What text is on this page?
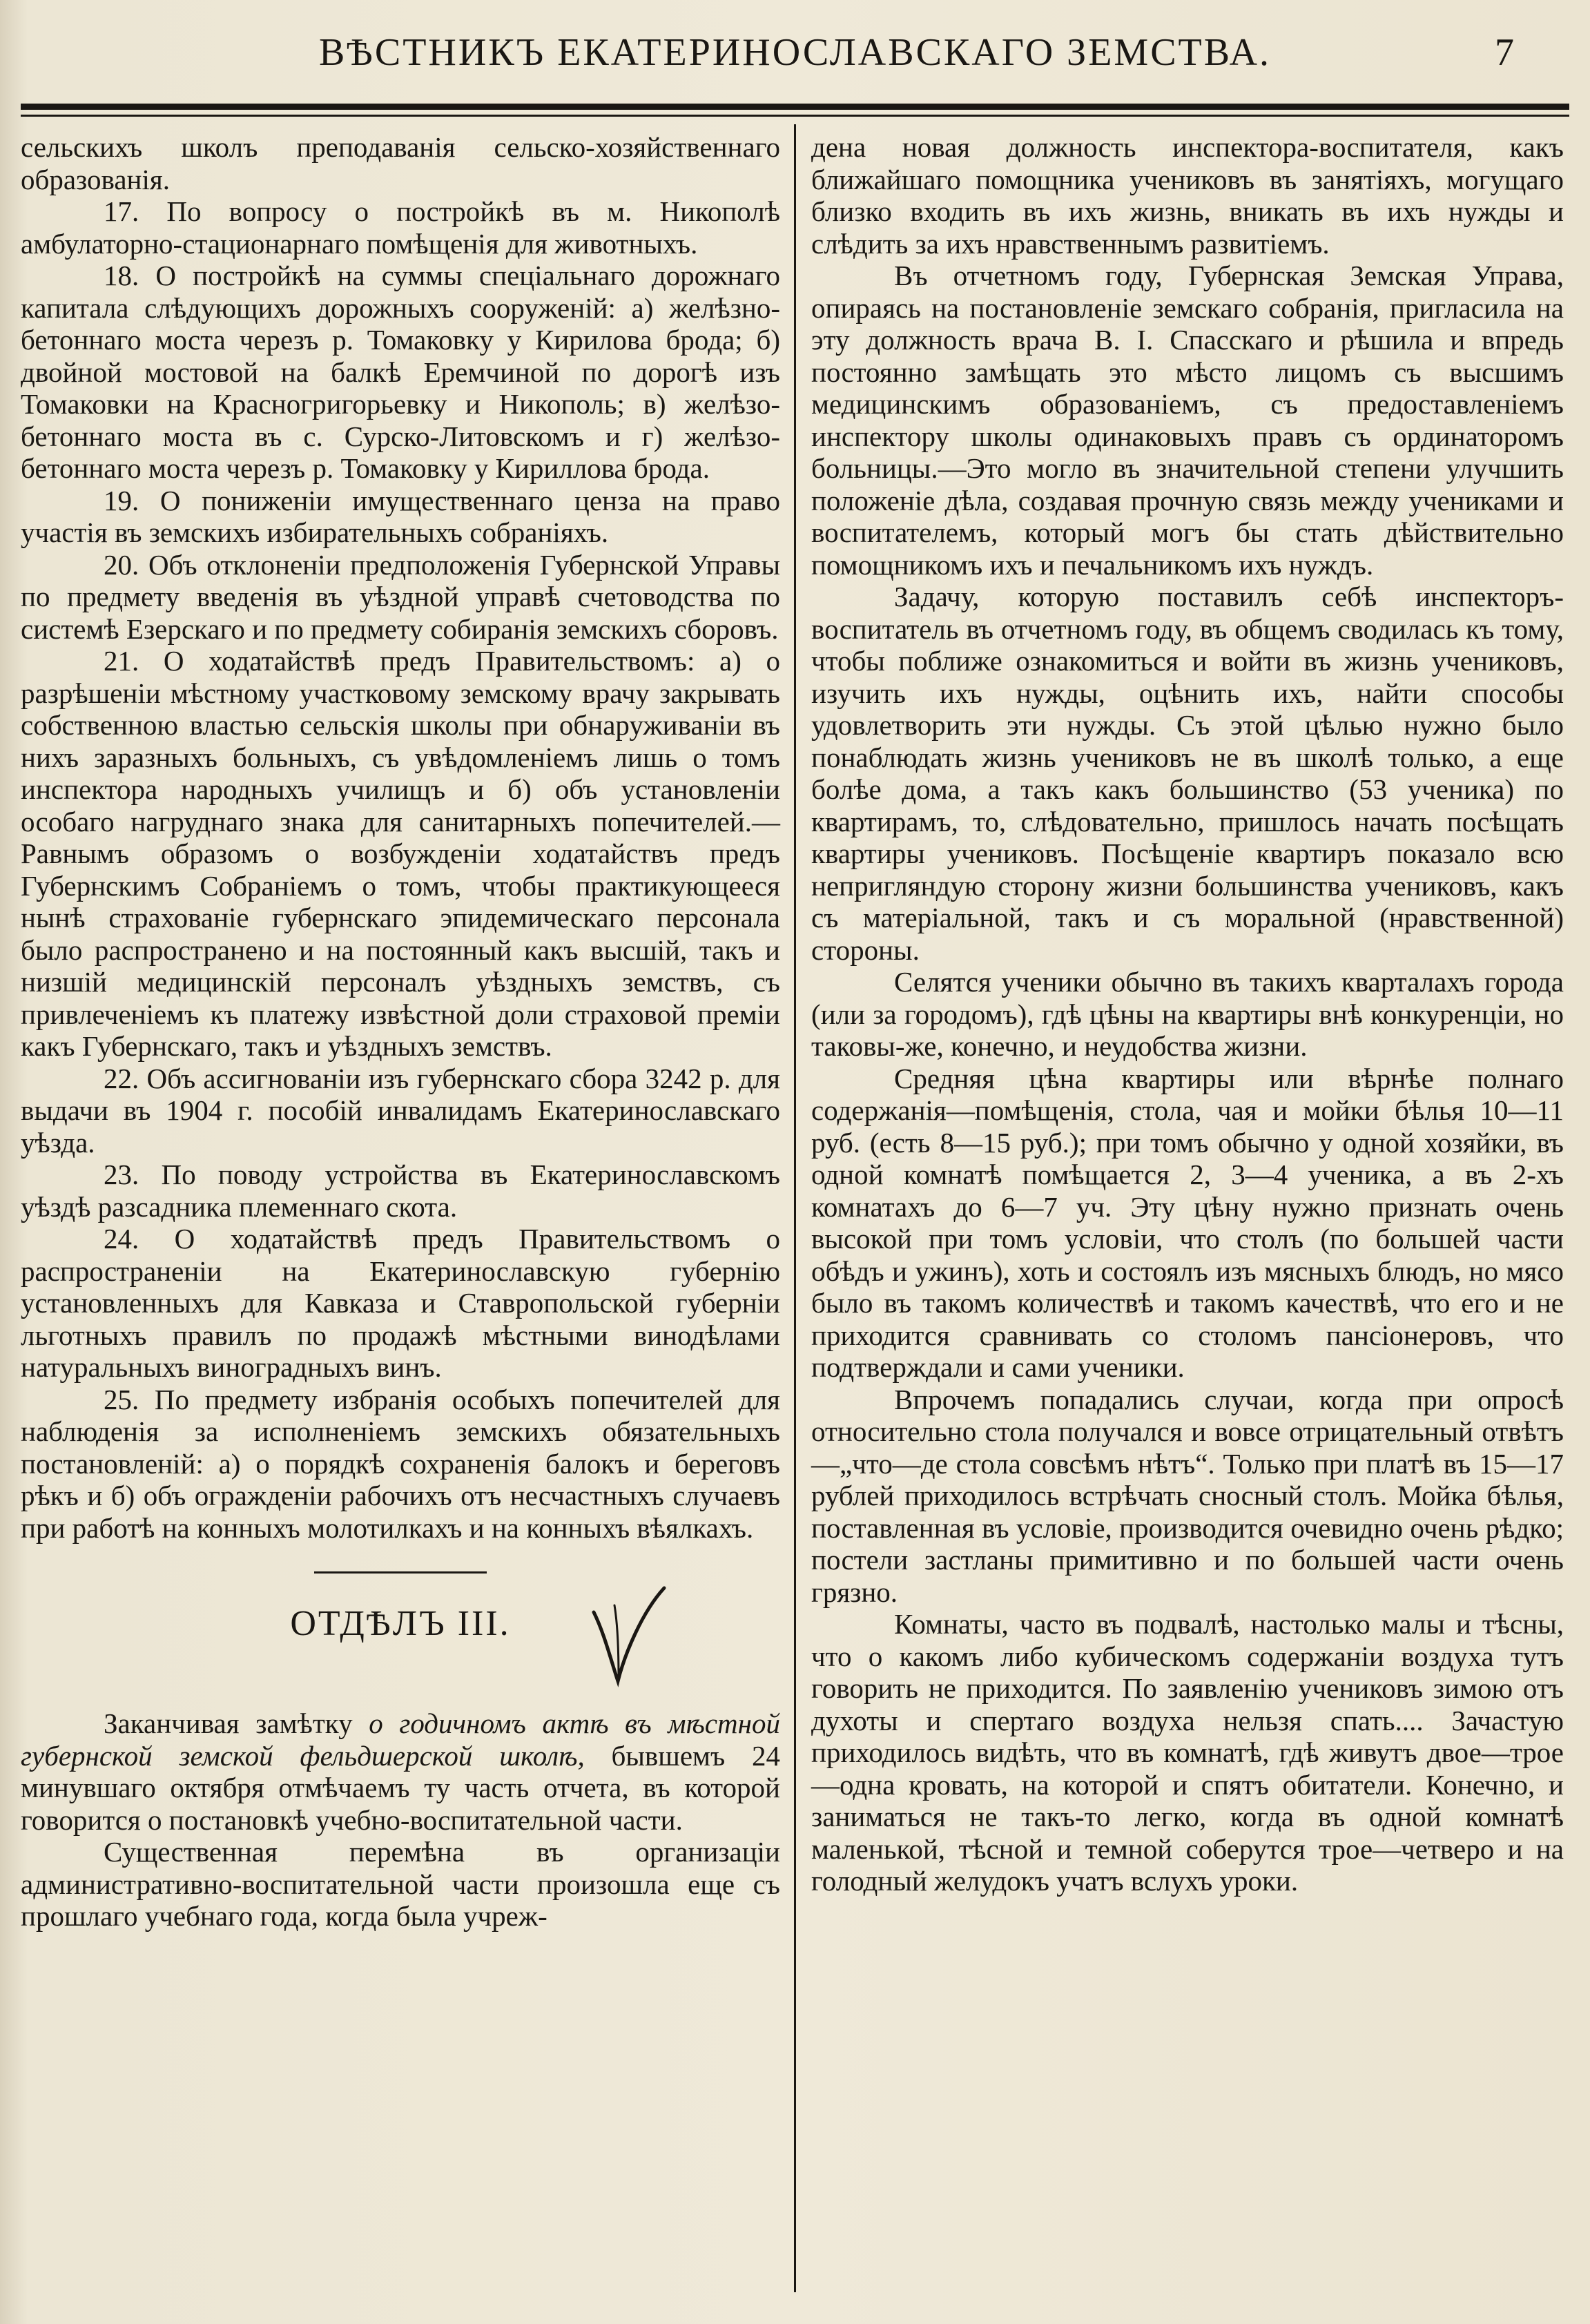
ВѢСТНИКЪ ЕКАТЕРИНОСЛАВСКАГО ЗЕМСТВА.	7

сельскихъ школъ преподаванія сельско-хозяйственнаго образованія.

17. По вопросу о постройкѣ въ м. Никополѣ амбулаторно-стационарнаго помѣщенія для животныхъ.

18. О постройкѣ на суммы спеціальнаго дорожнаго капитала слѣдующихъ дорожныхъ сооруженій: а) желѣзно-бетоннаго моста черезъ р. Томаковку у Кирилова брода; б) двойной мостовой на балкѣ Еремчиной по дорогѣ изъ Томаковки на Красногригорьевку и Никополь; в) желѣзо-бетоннаго моста въ с. Сурско-Литовскомъ и г) желѣзо-бетоннаго моста черезъ р. Томаковку у Кириллова брода.

19. О пониженіи имущественнаго ценза на право участія въ земскихъ избирательныхъ собраніяхъ.

20. Объ отклоненіи предположенія Губернской Управы по предмету введенія въ уѣздной управѣ счетоводства по системѣ Езерскаго и по предмету собиранія земскихъ сборовъ.

21. О ходатайствѣ предъ Правительствомъ: а) о разрѣшеніи мѣстному участковому земскому врачу закрывать собственною властью сельскія школы при обнаруживаніи въ нихъ заразныхъ больныхъ, съ увѣдомленіемъ лишь о томъ инспектора народныхъ училищъ и б) объ установленіи особаго нагруднаго знака для санитарныхъ попечителей.—Равнымъ образомъ о возбужденіи ходатайствъ предъ Губернскимъ Собраніемъ о томъ, чтобы практикующееся нынѣ страхованіе губернскаго эпидемическаго персонала было распространено и на постоянный какъ высшій, такъ и низшій медицинскій персоналъ уѣздныхъ земствъ, съ привлеченіемъ къ платежу извѣстной доли страховой преміи какъ Губернскаго, такъ и уѣздныхъ земствъ.

22. Объ ассигнованіи изъ губернскаго сбора 3242 р. для выдачи въ 1904 г. пособій инвалидамъ Екатеринославскаго уѣзда.

23. По поводу устройства въ Екатеринославскомъ уѣздѣ разсадника племеннаго скота.

24. О ходатайствѣ предъ Правительствомъ о распространеніи на Екатеринославскую губернію установленныхъ для Кавказа и Ставропольской губерніи льготныхъ правилъ по продажѣ мѣстными винодѣлами натуральныхъ виноградныхъ винъ.

25. По предмету избранія особыхъ попечителей для наблюденія за исполненіемъ земскихъ обязательныхъ постановленій: а) о порядкѣ сохраненія балокъ и береговъ рѣкъ и б) объ огражденіи рабочихъ отъ несчастныхъ случаевъ при работѣ на конныхъ молотилкахъ и на конныхъ вѣялкахъ.

ОТДѢЛЪ III.

Заканчивая замѣтку о годичномъ актѣ въ мѣстной губернской земской фельдшерской школѣ, бывшемъ 24 минувшаго октября отмѣчаемъ ту часть отчета, въ которой говорится о постановкѣ учебно-воспитательной части.

Существенная перемѣна въ организаціи административно-воспитательной части произошла еще съ прошлаго учебнаго года, когда была учреж-

дена новая должность инспектора-воспитателя, какъ ближайшаго помощника учениковъ въ занятіяхъ, могущаго близко входить въ ихъ жизнь, вникать въ ихъ нужды и слѣдить за ихъ нравственнымъ развитіемъ.

Въ отчетномъ году, Губернская Земская Управа, опираясь на постановленіе земскаго собранія, пригласила на эту должность врача В. I. Спасскаго и рѣшила и впредь постоянно замѣщать это мѣсто лицомъ съ высшимъ медицинскимъ образованіемъ, съ предоставленіемъ инспектору школы одинаковыхъ правъ съ ординаторомъ больницы.—Это могло въ значительной степени улучшить положеніе дѣла, создавая прочную связь между учениками и воспитателемъ, который могъ бы стать дѣйствительно помощникомъ ихъ и печальникомъ ихъ нуждъ.

Задачу, которую поставилъ себѣ инспекторъ-воспитатель въ отчетномъ году, въ общемъ сводилась къ тому, чтобы поближе ознакомиться и войти въ жизнь учениковъ, изучить ихъ нужды, оцѣнить ихъ, найти способы удовлетворить эти нужды. Съ этой цѣлью нужно было понаблюдать жизнь учениковъ не въ школѣ только, а еще болѣе дома, а такъ какъ большинство (53 ученика) по квартирамъ, то, слѣдовательно, пришлось начать посѣщать квартиры учениковъ. Посѣщеніе квартиръ показало всю непригляндую сторону жизни большинства учениковъ, какъ съ матеріальной, такъ и съ моральной (нравственной) стороны.

Селятся ученики обычно въ такихъ кварталахъ города (или за городомъ), гдѣ цѣны на квартиры внѣ конкуренціи, но таковы-же, конечно, и неудобства жизни.

Средняя цѣна квартиры или вѣрнѣе полнаго содержанія—помѣщенія, стола, чая и мойки бѣлья 10—11 руб. (есть 8—15 руб.); при томъ обычно у одной хозяйки, въ одной комнатѣ помѣщается 2, 3—4 ученика, а въ 2-хъ комнатахъ до 6—7 уч. Эту цѣну нужно признать очень высокой при томъ условіи, что столъ (по большей части обѣдъ и ужинъ), хоть и состоялъ изъ мясныхъ блюдъ, но мясо было въ такомъ количествѣ и такомъ качествѣ, что его и не приходится сравнивать со столомъ пансіонеровъ, что подтверждали и сами ученики.

Впрочемъ попадались случаи, когда при опросѣ относительно стола получался и вовсе отрицательный отвѣтъ—„что—де стола совсѣмъ нѣтъ“. Только при платѣ въ 15—17 рублей приходилось встрѣчать сносный столъ. Мойка бѣлья, поставленная въ условіе, производится очевидно очень рѣдко; постели застланы примитивно и по большей части очень грязно.

Комнаты, часто въ подвалѣ, настолько малы и тѣсны, что о какомъ либо кубическомъ содержаніи воздуха тутъ говорить не приходится. По заявленію учениковъ зимою отъ духоты и спертаго воздуха нельзя спать.... Зачастую приходилось видѣть, что въ комнатѣ, гдѣ живутъ двое—трое—одна кровать, на которой и спятъ обитатели. Конечно, и заниматься не такъ-то легко, когда въ одной комнатѣ маленькой, тѣсной и темной соберутся трое—четверо и на голодный желудокъ учатъ вслухъ уроки.
